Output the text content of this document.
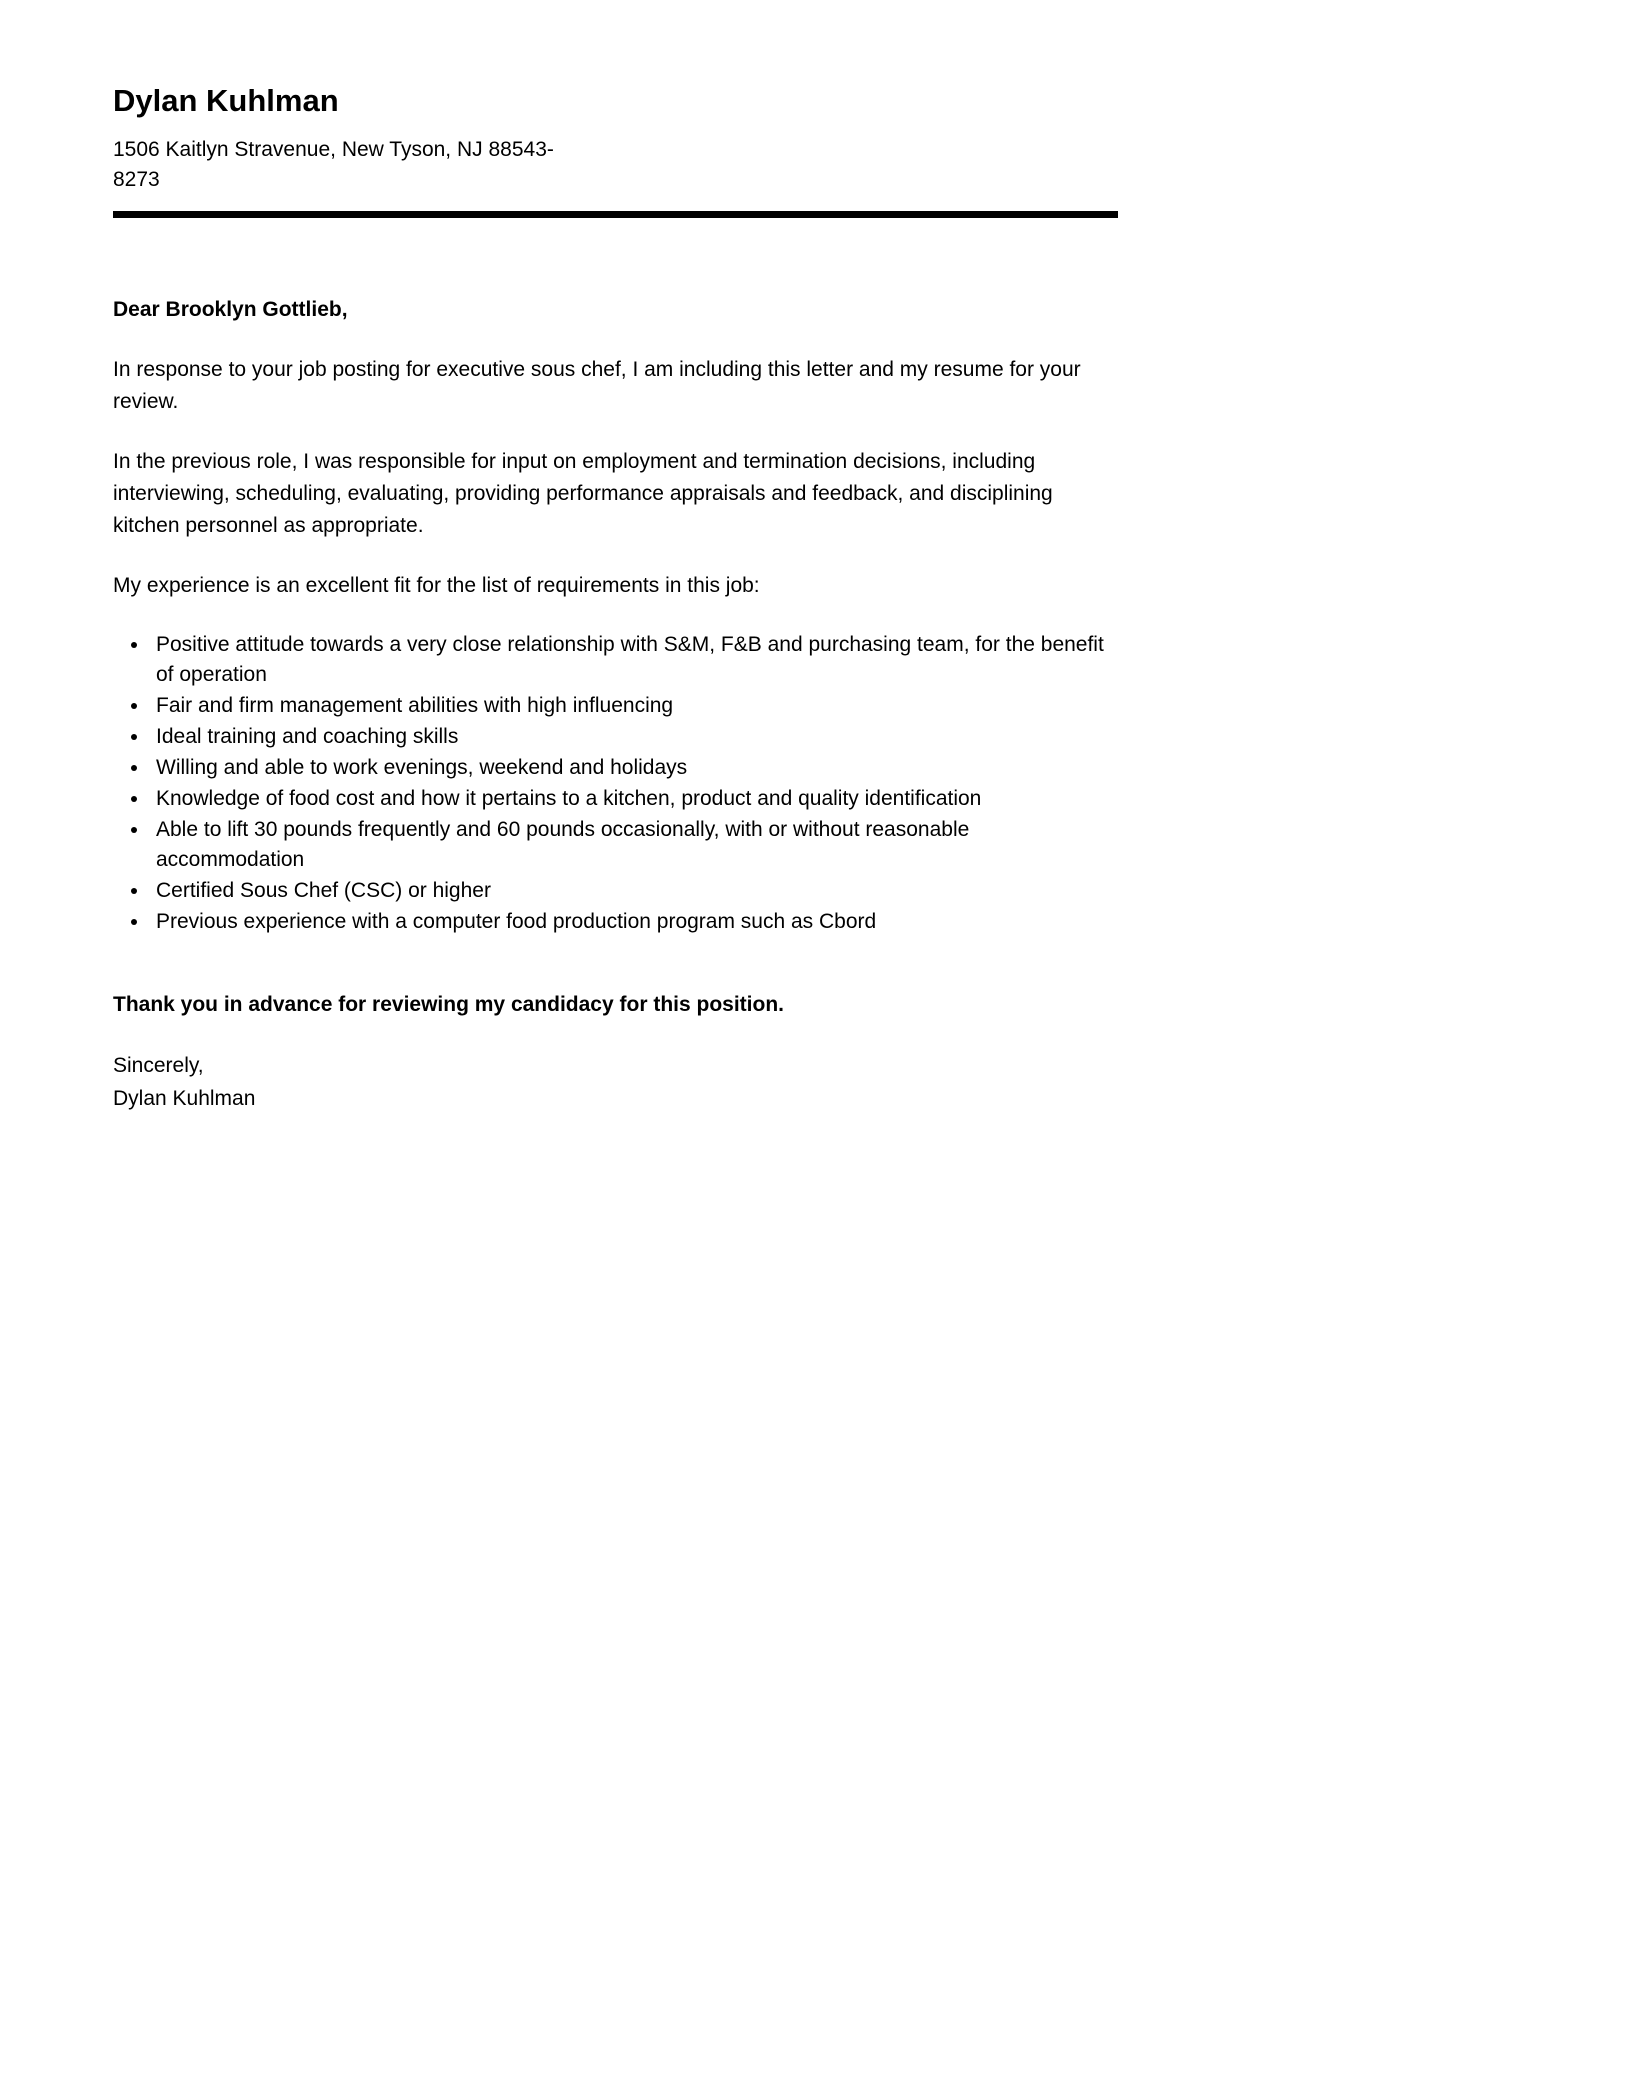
Dylan Kuhlman

1506 Kaitlyn Stravenue, New Tyson, NJ 88543-

8273

Dear Brooklyn Gottlieb,

In response to your job posting for executive sous chef, I am including this letter and my resume for your review.

In the previous role, I was responsible for input on employment and termination decisions, including interviewing, scheduling, evaluating, providing performance appraisals and feedback, and disciplining kitchen personnel as appropriate.

My experience is an excellent fit for the list of requirements in this job:

• Positive attitude towards a very close relationship with S&M, F&B and purchasing team, for the benefit of operation
• Fair and firm management abilities with high influencing
• Ideal training and coaching skills
• Willing and able to work evenings, weekend and holidays
• Knowledge of food cost and how it pertains to a kitchen, product and quality identification
• Able to lift 30 pounds frequently and 60 pounds occasionally, with or without reasonable accommodation
• Certified Sous Chef (CSC) or higher
• Previous experience with a computer food production program such as Cbord

Thank you in advance for reviewing my candidacy for this position.

Sincerely,

Dylan Kuhlman
